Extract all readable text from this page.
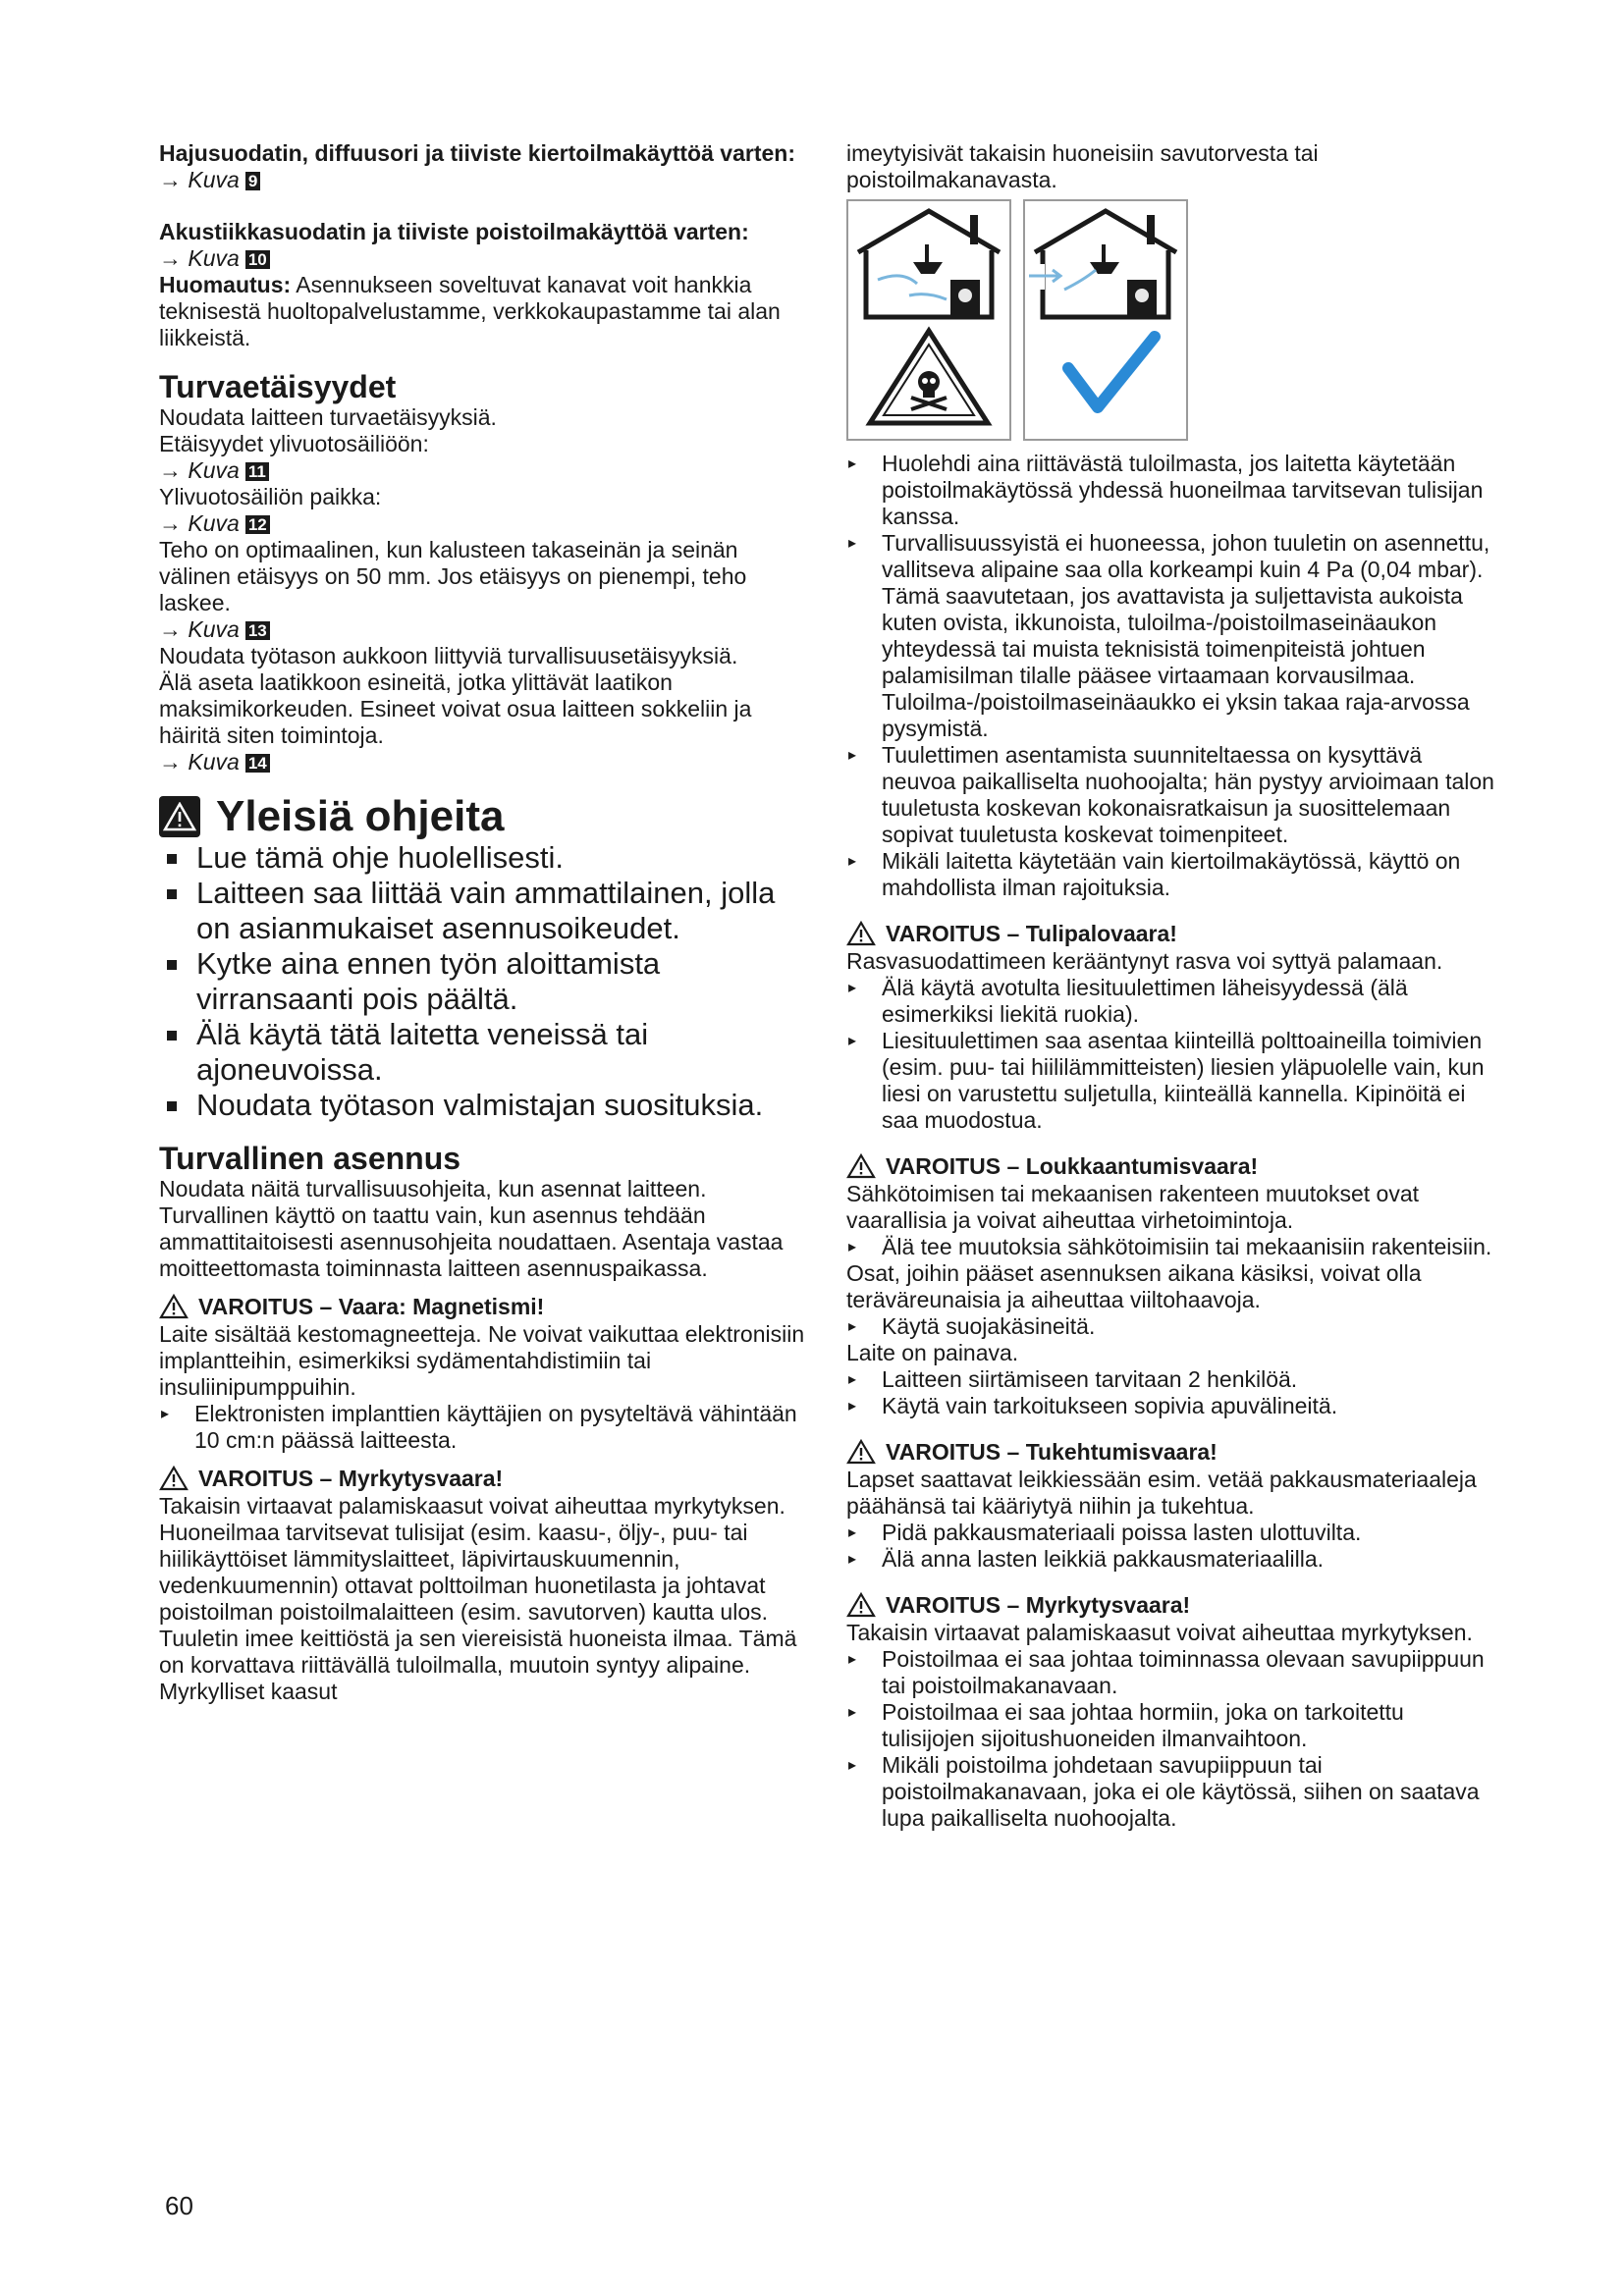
Hajusuodatin, diffuusori ja tiiviste kiertoilmakäyttöä varten:
→ Kuva 9
Akustiikkasuodatin ja tiiviste poistoilmakäyttöä varten:
→ Kuva 10

Huomautus: Asennukseen soveltuvat kanavat voit hankkia teknisestä huoltopalvelustamme, verkkokaupastamme tai alan liikkeistä.

Turvaetäisyydet

Noudata laitteen turvaetäisyyksiä.

Etäisyydet ylivuotosäiliöön:

→ Kuva 11

Ylivuotosäiliön paikka:

→ Kuva 12

Teho on optimaalinen, kun kalusteen takaseinän ja seinän välinen etäisyys on 50 mm. Jos etäisyys on pienempi, teho laskee.

→ Kuva 13

Noudata työtason aukkoon liittyviä turvallisuusetäisyyksiä.

Älä aseta laatikkoon esineitä, jotka ylittävät laatikon maksimikorkeuden. Esineet voivat osua laitteen sokkeliin ja häiritä siten toimintoja.

→ Kuva 14
Yleisiä ohjeita
Lue tämä ohje huolellisesti.
Laitteen saa liittää vain ammattilainen, jolla on asianmukaiset asennusoikeudet.
Kytke aina ennen työn aloittamista virransaanti pois päältä.
Älä käytä tätä laitetta veneissä tai ajoneuvoissa.
Noudata työtason valmistajan suosituksia.
Turvallinen asennus

Noudata näitä turvallisuusohjeita, kun asennat laitteen.

Turvallinen käyttö on taattu vain, kun asennus tehdään ammattitaitoisesti asennusohjeita noudattaen. Asentaja vastaa moitteettomasta toiminnasta laitteen asennuspaikassa.

VAROITUS – Vaara: Magnetismi!

Laite sisältää kestomagneetteja. Ne voivat vaikuttaa elektronisiin implantteihin, esimerkiksi sydämentahdistimiin tai insuliinipumppuihin.

▸ Elektronisten implanttien käyttäjien on pysyteltävä vähintään 10 cm:n päässä laitteesta.
VAROITUS – Myrkytysvaara!

Takaisin virtaavat palamiskaasut voivat aiheuttaa myrkytyksen. Huoneilmaa tarvitsevat tulisijat (esim. kaasu-, öljy-, puu- tai hiilikäyttöiset lämmityslaitteet, läpivirtauskuumennin, vedenkuumennin) ottavat polttoilman huonetilasta ja johtavat poistoilman poistoilmalaitteen (esim. savutorven) kautta ulos. Tuuletin imee keittiöstä ja sen viereisistä huoneista ilmaa. Tämä on korvattava riittävällä tuloilmalla, muutoin syntyy alipaine. Myrkylliset kaasut

imeytyisivät takaisin huoneisiin savutorvesta tai poistoilmakanavasta.

▸ Huolehdi aina riittävästä tuloilmasta, jos laitetta käytetään poistoilmakäytössä yhdessä huoneilmaa tarvitsevan tulisijan kanssa.
▸ Turvallisuussyistä ei huoneessa, johon tuuletin on asennettu, vallitseva alipaine saa olla korkeampi kuin 4 Pa (0,04 mbar). Tämä saavutetaan, jos avattavista ja suljettavista aukoista kuten ovista, ikkunoista, tuloilma-/poistoilmaseinäaukon yhteydessä tai muista teknisistä toimenpiteistä johtuen palamisilman tilalle pääsee virtaamaan korvausilmaa. Tuloilma-/poistoilmaseinäaukko ei yksin takaa raja-arvossa pysymistä.
▸ Tuulettimen asentamista suunniteltaessa on kysyttävä neuvoa paikalliselta nuohoojalta; hän pystyy arvioimaan talon tuuletusta koskevan kokonaisratkaisun ja suosittelemaan sopivat tuuletusta koskevat toimenpiteet.
▸ Mikäli laitetta käytetään vain kiertoilmakäytössä, käyttö on mahdollista ilman rajoituksia.
VAROITUS – Tulipalovaara!

Rasvasuodattimeen kerääntynyt rasva voi syttyä palamaan.

▸ Älä käytä avotulta liesituulettimen läheisyydessä (älä esimerkiksi liekitä ruokia).
▸ Liesituulettimen saa asentaa kiinteillä polttoaineilla toimivien (esim. puu- tai hiililämmitteisten) liesien yläpuolelle vain, kun liesi on varustettu suljetulla, kiinteällä kannella. Kipinöitä ei saa muodostua.
VAROITUS – Loukkaantumisvaara!

Sähkötoimisen tai mekaanisen rakenteen muutokset ovat vaarallisia ja voivat aiheuttaa virhetoimintoja.

▸ Älä tee muutoksia sähkötoimisiin tai mekaanisiin rakenteisiin.

Osat, joihin pääset asennuksen aikana käsiksi, voivat olla teräväreunaisia ja aiheuttaa viiltohaavoja.

▸ Käytä suojakäsineitä.

Laite on painava.

▸ Laitteen siirtämiseen tarvitaan 2 henkilöä.
▸ Käytä vain tarkoitukseen sopivia apuvälineitä.
VAROITUS – Tukehtumisvaara!

Lapset saattavat leikkiessään esim. vetää pakkausmateriaaleja päähänsä tai kääriytyä niihin ja tukehtua.

▸ Pidä pakkausmateriaali poissa lasten ulottuvilta.
▸ Älä anna lasten leikkiä pakkausmateriaalilla.
VAROITUS – Myrkytysvaara!

Takaisin virtaavat palamiskaasut voivat aiheuttaa myrkytyksen.

▸ Poistoilmaa ei saa johtaa toiminnassa olevaan savupiippuun tai poistoilmakanavaan.
▸ Poistoilmaa ei saa johtaa hormiin, joka on tarkoitettu tulisijojen sijoitushuoneiden ilmanvaihtoon.
▸ Mikäli poistoilma johdetaan savupiippuun tai poistoilmakanavaan, joka ei ole käytössä, siihen on saatava lupa paikalliselta nuohoojalta.
60
